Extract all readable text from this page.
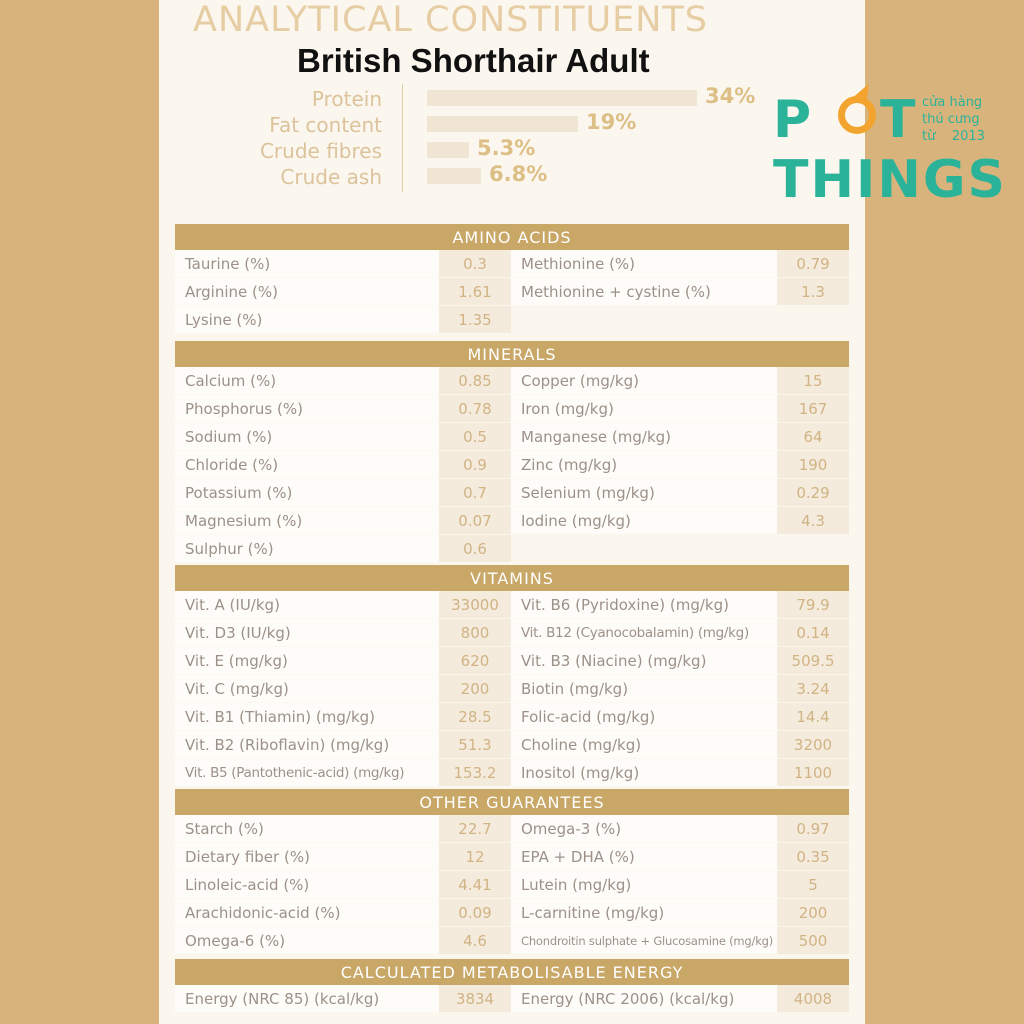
ANALYTICAL CONSTITUENTS
British Shorthair Adult
Protein
Fat content
Crude fibres
Crude ash
34%
19%
5.3%
6.8%
P T
THINGS
cửa hàng
thú cưng
từ    2013
AMINO ACIDS			
Taurine (%)	0.3	Methionine (%)	0.79
Arginine (%)	1.61	Methionine + cystine (%)	1.3
Lysine (%)	1.35		
MINERALS			
Calcium (%)	0.85	Copper (mg/kg)	15
Phosphorus (%)	0.78	Iron (mg/kg)	167
Sodium (%)	0.5	Manganese (mg/kg)	64
Chloride (%)	0.9	Zinc (mg/kg)	190
Potassium (%)	0.7	Selenium (mg/kg)	0.29
Magnesium (%)	0.07	Iodine (mg/kg)	4.3
Sulphur (%)	0.6		
VITAMINS			
Vit. A (IU/kg)	33000	Vit. B6 (Pyridoxine) (mg/kg)	79.9
Vit. D3 (IU/kg)	800	Vit. B12 (Cyanocobalamin) (mg/kg)	0.14
Vit. E (mg/kg)	620	Vit. B3 (Niacine) (mg/kg)	509.5
Vit. C (mg/kg)	200	Biotin (mg/kg)	3.24
Vit. B1 (Thiamin) (mg/kg)	28.5	Folic-acid (mg/kg)	14.4
Vit. B2 (Riboflavin) (mg/kg)	51.3	Choline (mg/kg)	3200
Vit. B5 (Pantothenic-acid) (mg/kg)	153.2	Inositol (mg/kg)	1100
OTHER GUARANTEES			
Starch (%)	22.7	Omega-3 (%)	0.97
Dietary fiber (%)	12	EPA + DHA (%)	0.35
Linoleic-acid (%)	4.41	Lutein (mg/kg)	5
Arachidonic-acid (%)	0.09	L-carnitine (mg/kg)	200
Omega-6 (%)	4.6	Chondroitin sulphate + Glucosamine (mg/kg)	500
CALCULATED METABOLISABLE ENERGY
Energy (NRC 85) (kcal/kg)	3834	Energy (NRC 2006) (kcal/kg)	4008
